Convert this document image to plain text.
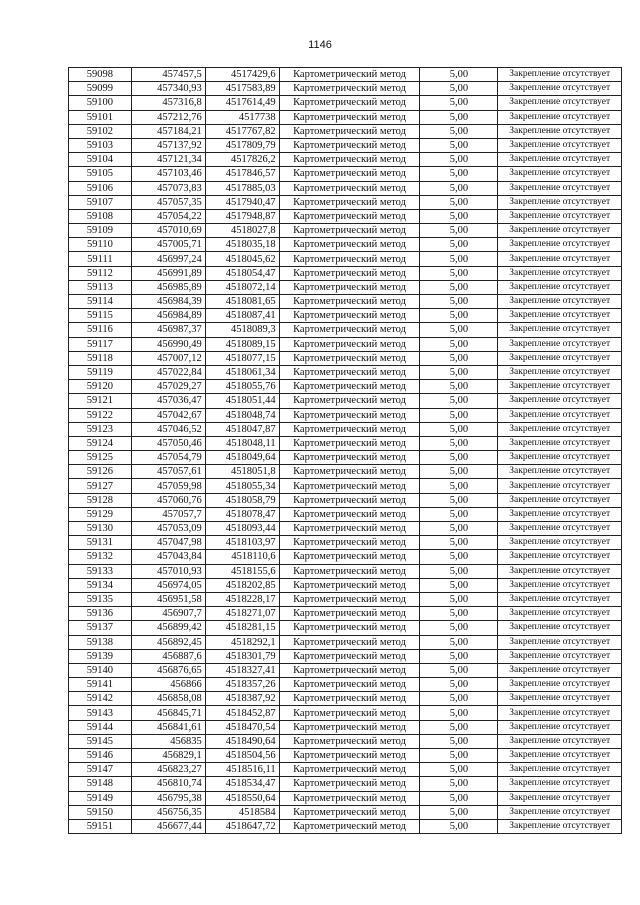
1146
59098	457457,5	4517429,6	Картометрический метод	5,00	Закрепление отсутствует
59099	457340,93	4517583,89	Картометрический метод	5,00	Закрепление отсутствует
59100	457316,8	4517614,49	Картометрический метод	5,00	Закрепление отсутствует
59101	457212,76	4517738	Картометрический метод	5,00	Закрепление отсутствует
59102	457184,21	4517767,82	Картометрический метод	5,00	Закрепление отсутствует
59103	457137,92	4517809,79	Картометрический метод	5,00	Закрепление отсутствует
59104	457121,34	4517826,2	Картометрический метод	5,00	Закрепление отсутствует
59105	457103,46	4517846,57	Картометрический метод	5,00	Закрепление отсутствует
59106	457073,83	4517885,03	Картометрический метод	5,00	Закрепление отсутствует
59107	457057,35	4517940,47	Картометрический метод	5,00	Закрепление отсутствует
59108	457054,22	4517948,87	Картометрический метод	5,00	Закрепление отсутствует
59109	457010,69	4518027,8	Картометрический метод	5,00	Закрепление отсутствует
59110	457005,71	4518035,18	Картометрический метод	5,00	Закрепление отсутствует
59111	456997,24	4518045,62	Картометрический метод	5,00	Закрепление отсутствует
59112	456991,89	4518054,47	Картометрический метод	5,00	Закрепление отсутствует
59113	456985,89	4518072,14	Картометрический метод	5,00	Закрепление отсутствует
59114	456984,39	4518081,65	Картометрический метод	5,00	Закрепление отсутствует
59115	456984,89	4518087,41	Картометрический метод	5,00	Закрепление отсутствует
59116	456987,37	4518089,3	Картометрический метод	5,00	Закрепление отсутствует
59117	456990,49	4518089,15	Картометрический метод	5,00	Закрепление отсутствует
59118	457007,12	4518077,15	Картометрический метод	5,00	Закрепление отсутствует
59119	457022,84	4518061,34	Картометрический метод	5,00	Закрепление отсутствует
59120	457029,27	4518055,76	Картометрический метод	5,00	Закрепление отсутствует
59121	457036,47	4518051,44	Картометрический метод	5,00	Закрепление отсутствует
59122	457042,67	4518048,74	Картометрический метод	5,00	Закрепление отсутствует
59123	457046,52	4518047,87	Картометрический метод	5,00	Закрепление отсутствует
59124	457050,46	4518048,11	Картометрический метод	5,00	Закрепление отсутствует
59125	457054,79	4518049,64	Картометрический метод	5,00	Закрепление отсутствует
59126	457057,61	4518051,8	Картометрический метод	5,00	Закрепление отсутствует
59127	457059,98	4518055,34	Картометрический метод	5,00	Закрепление отсутствует
59128	457060,76	4518058,79	Картометрический метод	5,00	Закрепление отсутствует
59129	457057,7	4518078,47	Картометрический метод	5,00	Закрепление отсутствует
59130	457053,09	4518093,44	Картометрический метод	5,00	Закрепление отсутствует
59131	457047,98	4518103,97	Картометрический метод	5,00	Закрепление отсутствует
59132	457043,84	4518110,6	Картометрический метод	5,00	Закрепление отсутствует
59133	457010,93	4518155,6	Картометрический метод	5,00	Закрепление отсутствует
59134	456974,05	4518202,85	Картометрический метод	5,00	Закрепление отсутствует
59135	456951,58	4518228,17	Картометрический метод	5,00	Закрепление отсутствует
59136	456907,7	4518271,07	Картометрический метод	5,00	Закрепление отсутствует
59137	456899,42	4518281,15	Картометрический метод	5,00	Закрепление отсутствует
59138	456892,45	4518292,1	Картометрический метод	5,00	Закрепление отсутствует
59139	456887,6	4518301,79	Картометрический метод	5,00	Закрепление отсутствует
59140	456876,65	4518327,41	Картометрический метод	5,00	Закрепление отсутствует
59141	456866	4518357,26	Картометрический метод	5,00	Закрепление отсутствует
59142	456858,08	4518387,92	Картометрический метод	5,00	Закрепление отсутствует
59143	456845,71	4518452,87	Картометрический метод	5,00	Закрепление отсутствует
59144	456841,61	4518470,54	Картометрический метод	5,00	Закрепление отсутствует
59145	456835	4518490,64	Картометрический метод	5,00	Закрепление отсутствует
59146	456829,1	4518504,56	Картометрический метод	5,00	Закрепление отсутствует
59147	456823,27	4518516,11	Картометрический метод	5,00	Закрепление отсутствует
59148	456810,74	4518534,47	Картометрический метод	5,00	Закрепление отсутствует
59149	456795,38	4518550,64	Картометрический метод	5,00	Закрепление отсутствует
59150	456756,35	4518584	Картометрический метод	5,00	Закрепление отсутствует
59151	456677,44	4518647,72	Картометрический метод	5,00	Закрепление отсутствует
